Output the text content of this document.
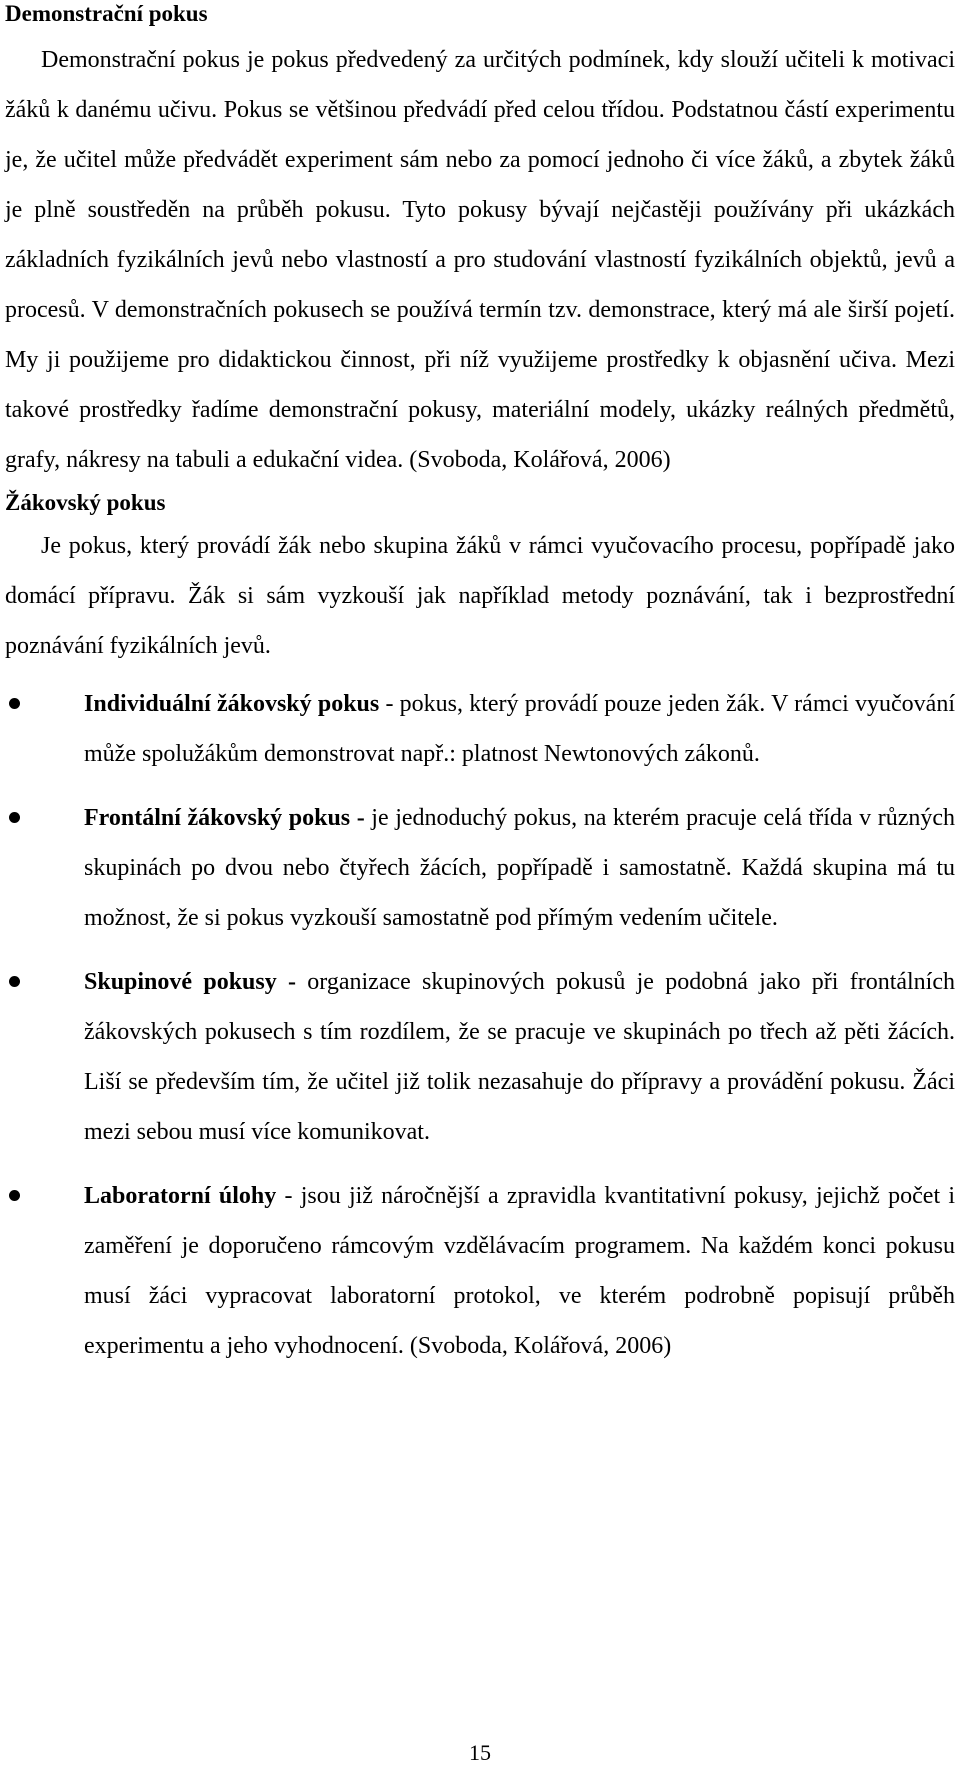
Demonstrační pokus

Demonstrační pokus je pokus předvedený za určitých podmínek, kdy slouží učiteli k motivaci žáků k danému učivu. Pokus se většinou předvádí před celou třídou. Podstatnou částí experimentu je, že učitel může předvádět experiment sám nebo za pomocí jednoho či více žáků, a zbytek žáků je plně soustředěn na průběh pokusu. Tyto pokusy bývají nejčastěji používány při ukázkách základních fyzikálních jevů nebo vlastností a pro studování vlastností fyzikálních objektů, jevů a procesů. V demonstračních pokusech se používá termín tzv. demonstrace, který má ale širší pojetí. My ji použijeme pro didaktickou činnost, při níž využijeme prostředky k objasnění učiva. Mezi takové prostředky řadíme demonstrační pokusy, materiální modely, ukázky reálných předmětů, grafy, nákresy na tabuli a edukační videa. (Svoboda, Kolářová, 2006)

Žákovský pokus

Je pokus, který provádí žák nebo skupina žáků v rámci vyučovacího procesu, popřípadě jako domácí přípravu. Žák si sám vyzkouší jak například metody poznávání, tak i bezprostřední poznávání fyzikálních jevů.

Individuální žákovský pokus - pokus, který provádí pouze jeden žák. V rámci vyučování může spolužákům demonstrovat např.: platnost Newtonových zákonů.
Frontální žákovský pokus - je jednoduchý pokus, na kterém pracuje celá třída v různých skupinách po dvou nebo čtyřech žácích, popřípadě i samostatně. Každá skupina má tu možnost, že si pokus vyzkouší samostatně pod přímým vedením učitele.
Skupinové pokusy - organizace skupinových pokusů je podobná jako při frontálních žákovských pokusech s tím rozdílem, že se pracuje ve skupinách po třech až pěti žácích. Liší se především tím, že učitel již tolik nezasahuje do přípravy a provádění pokusu. Žáci mezi sebou musí více komunikovat.
Laboratorní úlohy - jsou již náročnější a zpravidla kvantitativní pokusy, jejichž počet i zaměření je doporučeno rámcovým vzdělávacím programem. Na každém konci pokusu musí žáci vypracovat laboratorní protokol, ve kterém podrobně popisují průběh experimentu a jeho vyhodnocení. (Svoboda, Kolářová, 2006)
15
